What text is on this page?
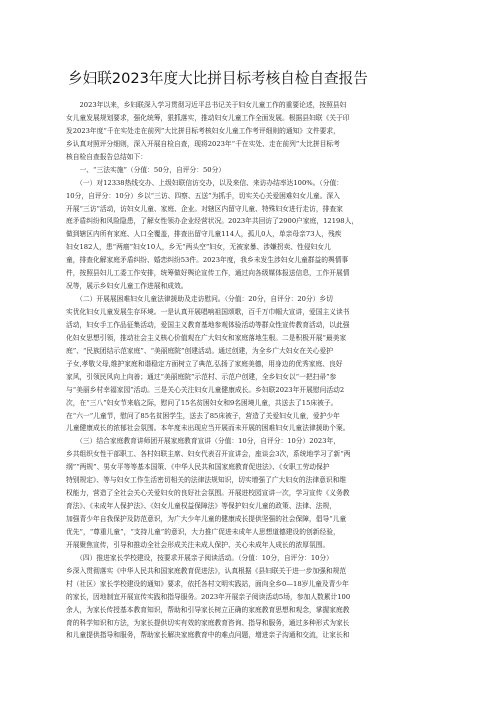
乡妇联2023年度大比拼目标考核自检自查报告
　　2023年以来，乡妇联深入学习贯彻习近平总书记关于妇女儿童工作的重要论述，按照县妇
女儿童发展规划要求，强化统筹，狠抓落实，推动妇女儿童工作全面发展。根据县妇联《关于印
发2023年度“千在实处走在前列”大比拼目标考核妇女儿童工作考评细则的通知》文件要求，
乡认真对照评分细则，深入开展自检自查，现将2023年“千在实处、走在前列”大比拼目标考
核自检自查报告总结如下：
　　一、“三法实施”（分值：50分，自评分：50分）
　　（一）对12338热线交办、上级妇联信访交办，以及来信、来访办结率达100%。（分值：
10分，自评分：10分）乡以“三访、四察、五送”为抓手，切实关心关爱困难妇女儿童。深入
开展“三访”活动，访妇女儿童、家庭、企业。对辖区内留守儿童、特殊妇女进行走访，排查家
庭矛盾纠纷和风险隐患，了解女性领办企业经营状况。2023年共回访了2900户家庭，12198人，
做到辖区内所有家庭、人口全覆盖，排查出留守儿童114人，孤儿0人，单亲母亲73人，残疾
妇女182人，患“两癌”妇女10人，乡无“两头空”妇女，无被家暴、涉嫌拐卖、性侵妇女儿
童，排查化解家庭矛盾纠纷、婚恋纠纷53件。2023年度，我乡未发生涉妇女儿童群益的舆情事
件，按照县妇儿工委工作安排，统筹做好舆论宣传工作，通过向各级媒体报送信息，工作开展情
况等，展示乡妇女儿童工作进展和成效。
　　（二）开展展困难妇女儿童法律援助及走访慰问。（分值：20分，自评分：20分）乡切
实优化妇女儿童发展生存环境。一是认真开展唱响祖国颂歌，百千万巾帼大宣讲，爱国主义读书
活动，妇女手工作品征集活动，爱国主义教育基地参观体验活动等群众性宣传教育活动，以此强
化妇女思想引领，推动社会主义核心价值观在广大妇女和家庭落地生根。二是积极开展“最美家
庭”、“民族团结示范家庭”、“美丽庭院”创建活动。通过创建，为全乡广大妇女在关心爱护
子女,孝敬父母,维护家庭和谐稳定方面树立了典范,弘扬了家庭美德，用身边的优秀家庭、良好
家风，引领民风向上向善；通过“美丽庭院”示范村、示范户创建，全乡妇女以“一把扫帚”参
与“美丽乡村幸福家园”活动。三是关心关注妇女儿童健康成长。乡妇联2023年开展慰问活动2
次，在“三八”妇女节来临之际，慰问了15名贫困妇女和9名困境儿童，共送去了15床被子。
在“六一”儿童节，慰问了85名贫困学生，送去了85床被子，营造了关爱妇女儿童，爱护少年
儿童健康成长的浓郁社会氛围。本年度未出现应当开展而未开展的困难妇女儿童法律援助个案。
　　（三）结合家庭教育讲师团开展家庭教育宣讲（分值：10分，自评分：10分）2023年，
乡共组织女性干部职工、各村妇联主席、妇女代表召开宣讲会，座谈会3次，系统地学习了新“两
纲”“两规”、男女平等等基本国策、《中华人民共和国家庭教育促进法》、《女职工劳动保护
特别规定》、等与妇女工作生活密切相关的法律法规知识，切实增强了广大妇女的法律意识和维
权能力，营造了全社会关心关爱妇女的良好社会氛围。开展进校园宣讲一次，学习宣传《义务教
育法》、《未成年人保护法》、《妇女儿童权益保障法》等保护妇女儿童的政策、法律、法规，
加强青少年自我保护及防范意识，为广大少年儿童的健康成长提供坚强的社会保障，倡导“儿童
优先”，“尊重儿童”，“支持儿童”的意识，大力推广促进未成年人思想道德建设的创新经验，
开展聚焦宣传，引导和推动全社会形成关注未成人保护、关心未成年人成长的浓厚氛围。
　　（四）推进家长学校建设，按要求开展亲子阅读活动。（分值：10分，自评分：10分）
乡深入贯彻落实《中华人民共和国家庭教育促进法》，认真根据《县妇联关于进一步加强和规范
村（社区）家长学校建设的通知》要求，依托各村文明实践站，面向全乡0—18岁儿童及青少年
的家长，因地制宜开展宣传实践和指导服务。2023年开展亲子阅读活动5场，参加人数累计100
余人，为家长传授基本教育知识，帮助和引导家长树立正确的家庭教育思想和观念，掌握家庭教
育的科学知识和方法，为家长提供切实有效的家庭教育咨询、指导和服务，通过多种形式为家长
和儿童提供指导和服务，帮助家长解决家庭教育中的难点问题，增进亲子沟通和交流，让家长和
